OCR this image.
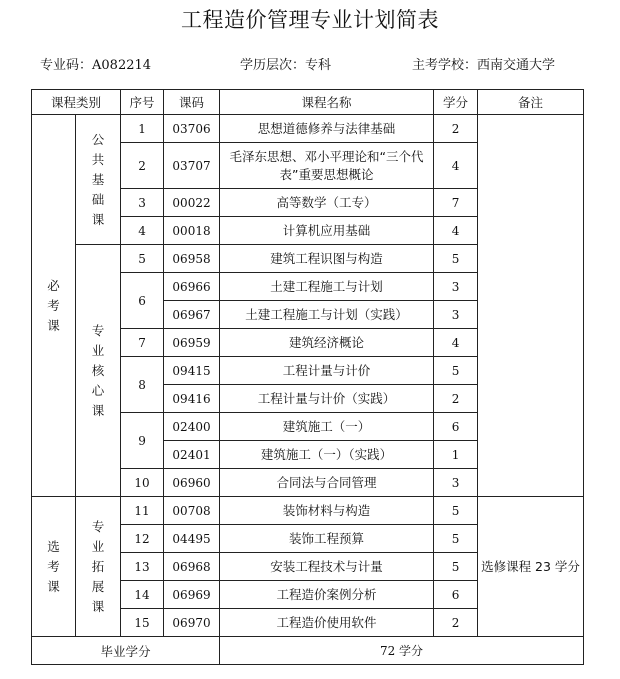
工程造价管理专业计划简表
专业码：A082214	学历层次：专科	主考学校：西南交通大学
课程类别		序号	课码	课程名称	学分	备注
必考课	公共基础课	1	03706	思想道德修养与法律基础	2	
		2	03707	毛泽东思想、邓小平理论和“三个代表”重要思想概论	4	
		3	00022	高等数学（工专）	7	
		4	00018	计算机应用基础	4	
	专业核心课	5	06958	建筑工程识图与构造	5	
		6	06966	土建工程施工与计划	3	
			06967	土建工程施工与计划（实践）	3	
		7	06959	建筑经济概论	4	
		8	09415	工程计量与计价	5	
			09416	工程计量与计价（实践）	2	
		9	02400	建筑施工（一）	6	
			02401	建筑施工（一）（实践）	1	
		10	06960	合同法与合同管理	3	
选考课	专业拓展课	11	00708	装饰材料与构造	5	选修课程 23 学分
		12	04495	装饰工程预算	5	
		13	06968	安装工程技术与计量	5	
		14	06969	工程造价案例分析	6	
		15	06970	工程造价使用软件	2	
毕业学分				72 学分		
